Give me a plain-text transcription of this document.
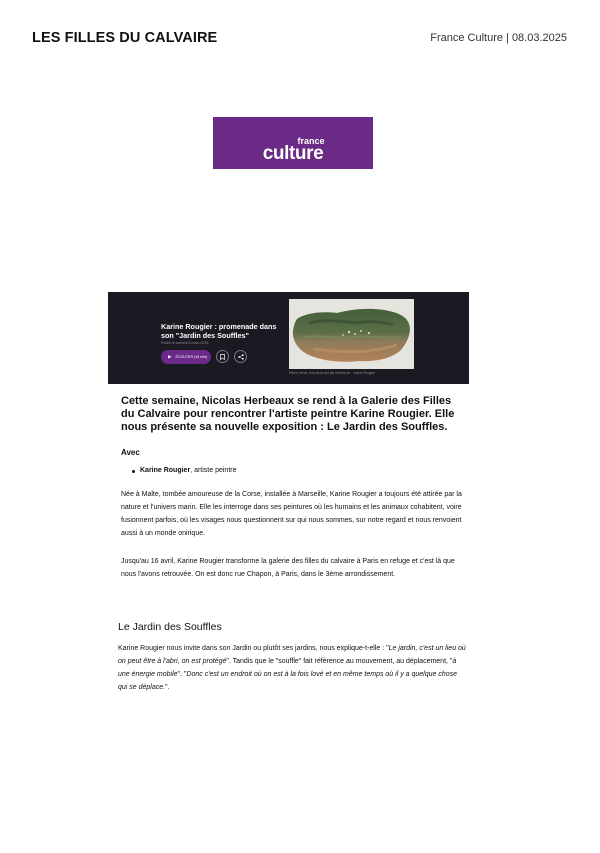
LES FILLES DU CALVAIRE	France Culture | 08.03.2025
france
culture
Karine Rougier : promenade dans son "Jardin des Souffles"
Publié le samedi 8 mars 2025
▶ ÉCOUTER (16 min)
Pierre, rêves, et toute la nuit par l'ombre de... Karine Rougier
Cette semaine, Nicolas Herbeaux se rend à la Galerie des Filles du Calvaire pour rencontrer l'artiste peintre Karine Rougier. Elle nous présente sa nouvelle exposition : Le Jardin des Souffles.
Avec
Karine Rougier, artiste peintre
Née à Malte, tombée amoureuse de la Corse, installée à Marseille, Karine Rougier a toujours été attirée par la nature et l'univers marin. Elle les interroge dans ses peintures où les humains et les animaux cohabitent, voire fusionnent parfois, où les visages nous questionnent sur qui nous sommes, sur notre regard et nous renvoient aussi à un monde onirique.
Jusqu'au 16 avril, Karine Rougier transforme la galerie des filles du calvaire à Paris en refuge et c'est là que nous l'avons retrouvée. On est donc rue Chapon, à Paris, dans le 3ème arrondissement.
Le Jardin des Souffles
Karine Rougier nous invite dans son Jardin ou plutôt ses jardins, nous explique-t-elle : "Le jardin, c'est un lieu où on peut être à l'abri, on est protégé". Tandis que le "souffle" fait référence au mouvement, au déplacement, "à une énergie mobile". "Donc c'est un endroit où on est à la fois lové et en même temps où il y a quelque chose qui se déplace.".
